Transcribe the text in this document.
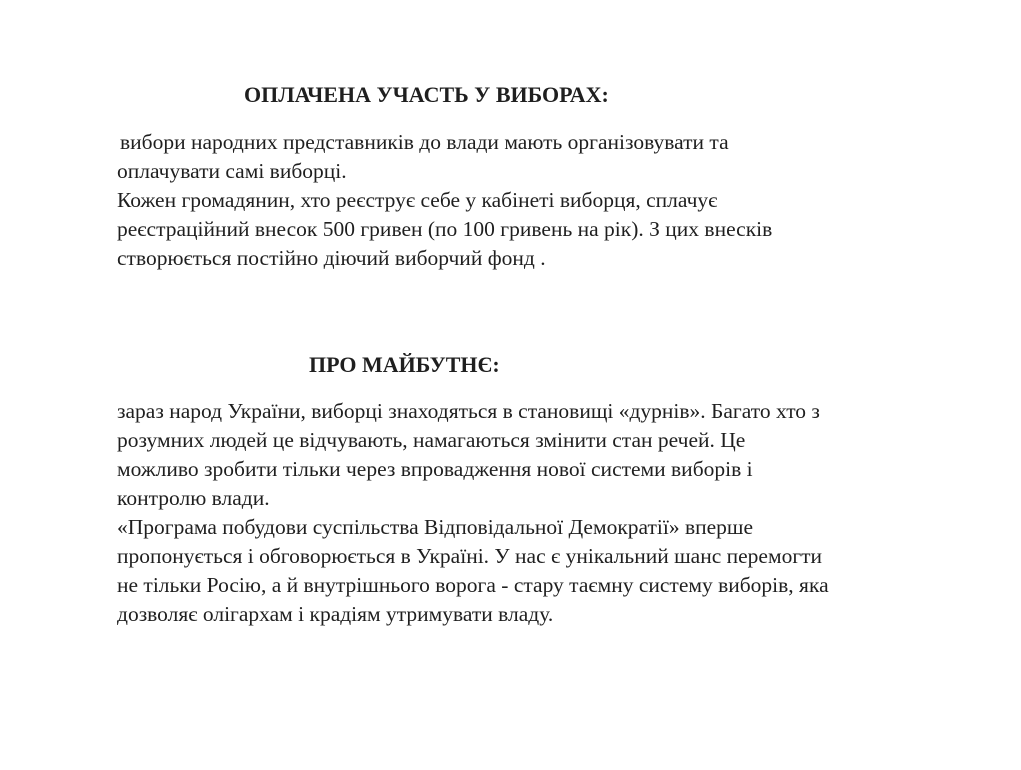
ОПЛАЧЕНА УЧАСТЬ У ВИБОРАХ:
вибори народних представників до влади мають організовувати та
оплачувати самі виборці.
Кожен громадянин, хто реєструє себе у кабінеті виборця, сплачує
реєстраційний внесок 500 гривен (по 100 гривень на рік). З цих внесків
створюється постійно діючий виборчий фонд .
ПРО МАЙБУТНЄ:
зараз народ України, виборці знаходяться в становищі «дурнів». Багато хто з
розумних людей це відчувають, намагаються змінити стан речей. Це
можливо зробити тільки через впровадження нової системи виборів і
контролю влади.
«Програма побудови суспільства Відповідальної Демократії» вперше
пропонується і обговорюється в Україні. У нас є унікальний шанс перемогти
не тільки Росію, а й внутрішнього ворога - стару таємну систему виборів, яка
дозволяє олігархам і крадіям утримувати владу.
